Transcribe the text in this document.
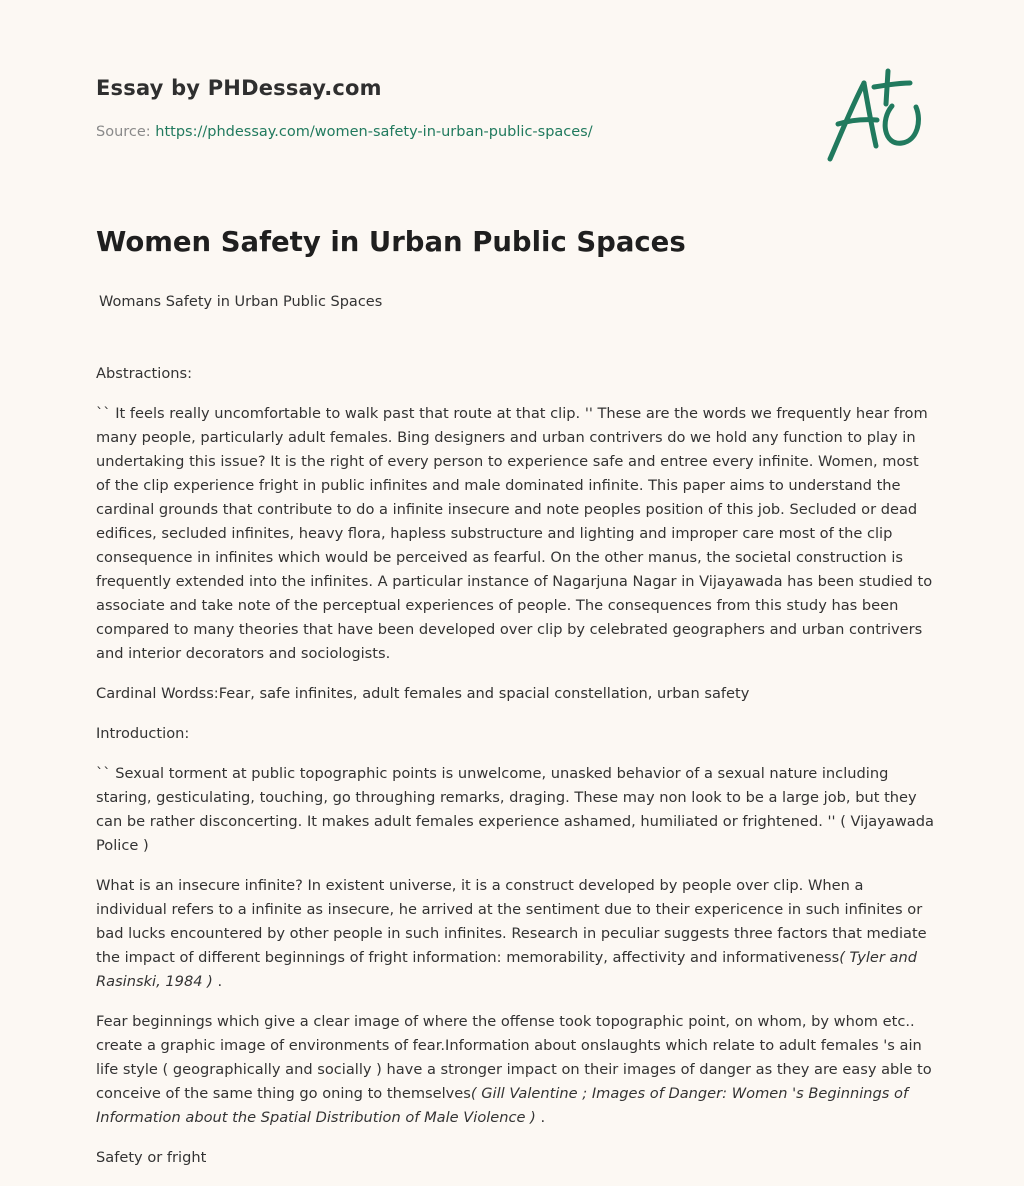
Essay by PHDessay.com
Source: https://phdessay.com/women-safety-in-urban-public-spaces/
Women Safety in Urban Public Spaces
Womans Safety in Urban Public Spaces

Abstractions:

`` It feels really uncomfortable to walk past that route at that clip. '' These are the words we frequently hear from many people, particularly adult females. Bing designers and urban contrivers do we hold any function to play in undertaking this issue? It is the right of every person to experience safe and entree every infinite. Women, most of the clip experience fright in public infinites and male dominated infinite. This paper aims to understand the cardinal grounds that contribute to do a infinite insecure and note peoples position of this job. Secluded or dead edifices, secluded infinites, heavy flora, hapless substructure and lighting and improper care most of the clip consequence in infinites which would be perceived as fearful. On the other manus, the societal construction is frequently extended into the infinites. A particular instance of Nagarjuna Nagar in Vijayawada has been studied to associate and take note of the perceptual experiences of people. The consequences from this study has been compared to many theories that have been developed over clip by celebrated geographers and urban contrivers and interior decorators and sociologists.

Cardinal Wordss:Fear, safe infinites, adult females and spacial constellation, urban safety

Introduction:

`` Sexual torment at public topographic points is unwelcome, unasked behavior of a sexual nature including staring, gesticulating, touching, go throughing remarks, draging. These may non look to be a large job, but they can be rather disconcerting. It makes adult females experience ashamed, humiliated or frightened. '' ( Vijayawada Police )

What is an insecure infinite? In existent universe, it is a construct developed by people over clip. When a individual refers to a infinite as insecure, he arrived at the sentiment due to their expericence in such infinites or bad lucks encountered by other people in such infinites. Research in peculiar suggests three factors that mediate the impact of different beginnings of fright information: memorability, affectivity and informativeness( Tyler and Rasinski, 1984 ) .

Fear beginnings which give a clear image of where the offense took topographic point, on whom, by whom etc.. create a graphic image of environments of fear.Information about onslaughts which relate to adult females 's ain life style ( geographically and socially ) have a stronger impact on their images of danger as they are easy able to conceive of the same thing go oning to themselves( Gill Valentine ; Images of Danger: Women 's Beginnings of Information about the Spatial Distribution of Male Violence ) .

Safety or fright
